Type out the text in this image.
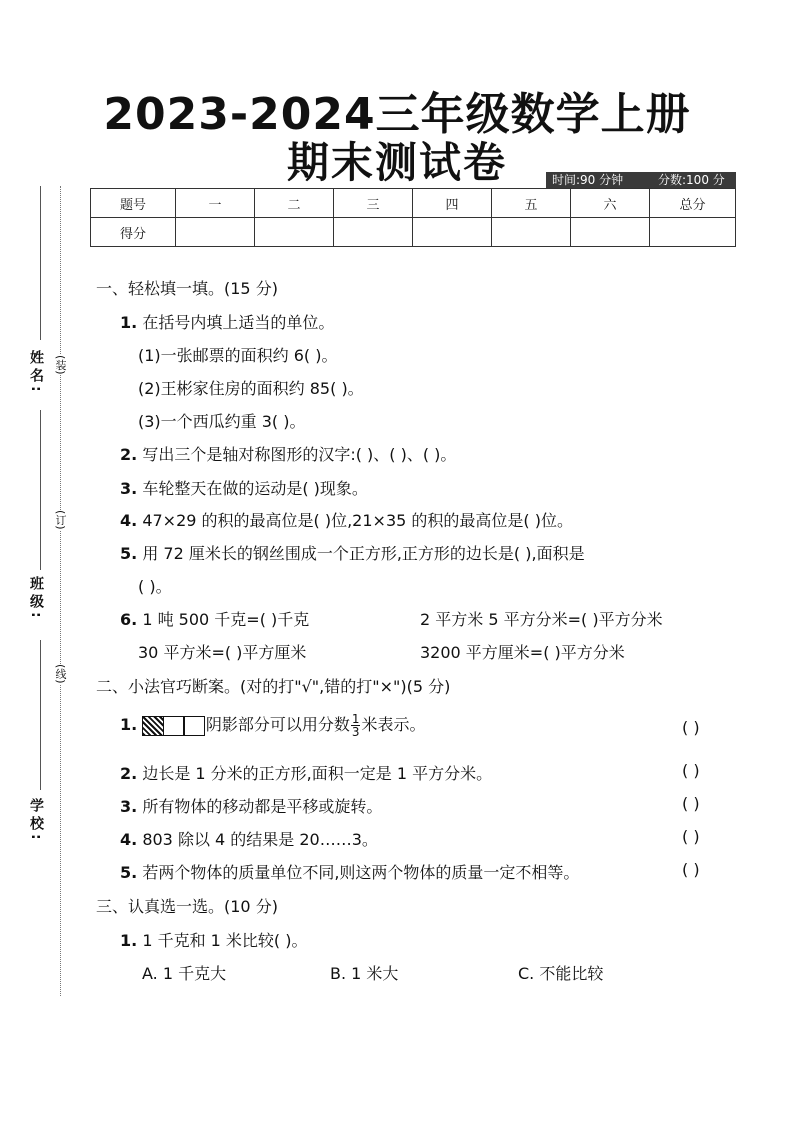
2023-2024三年级数学上册
期末测试卷	时间:90 分钟	分数:100 分
题号	一	二	三	四	五	六	总分
得分							
姓名:
班级:
学校:
(装)
(订)
(线)
一、轻松填一填。(15 分)
1. 在括号内填上适当的单位。
(1)一张邮票的面积约 6( )。
(2)王彬家住房的面积约 85( )。
(3)一个西瓜约重 3( )。
2. 写出三个是轴对称图形的汉字:( )、( )、( )。
3. 车轮整天在做的运动是( )现象。
4. 47×29 的积的最高位是( )位,21×35 的积的最高位是( )位。
5. 用 72 厘米长的钢丝围成一个正方形,正方形的边长是( ),面积是
( )。
6. 1 吨 500 千克=( )千克	2 平方米 5 平方分米=( )平方分米
30 平方米=( )平方厘米	3200 平方厘米=( )平方分米
二、小法官巧断案。(对的打"√",错的打"×")(5 分)
1.	阴影部分可以用分数 $\frac{1}{3}$ 米表示。	( )
2. 边长是 1 分米的正方形,面积一定是 1 平方分米。	( )
3. 所有物体的移动都是平移或旋转。	( )
4. 803 除以 4 的结果是 20……3。	( )
5. 若两个物体的质量单位不同,则这两个物体的质量一定不相等。	( )
三、认真选一选。(10 分)
1. 1 千克和 1 米比较( )。
A. 1 千克大	B. 1 米大	C. 不能比较
